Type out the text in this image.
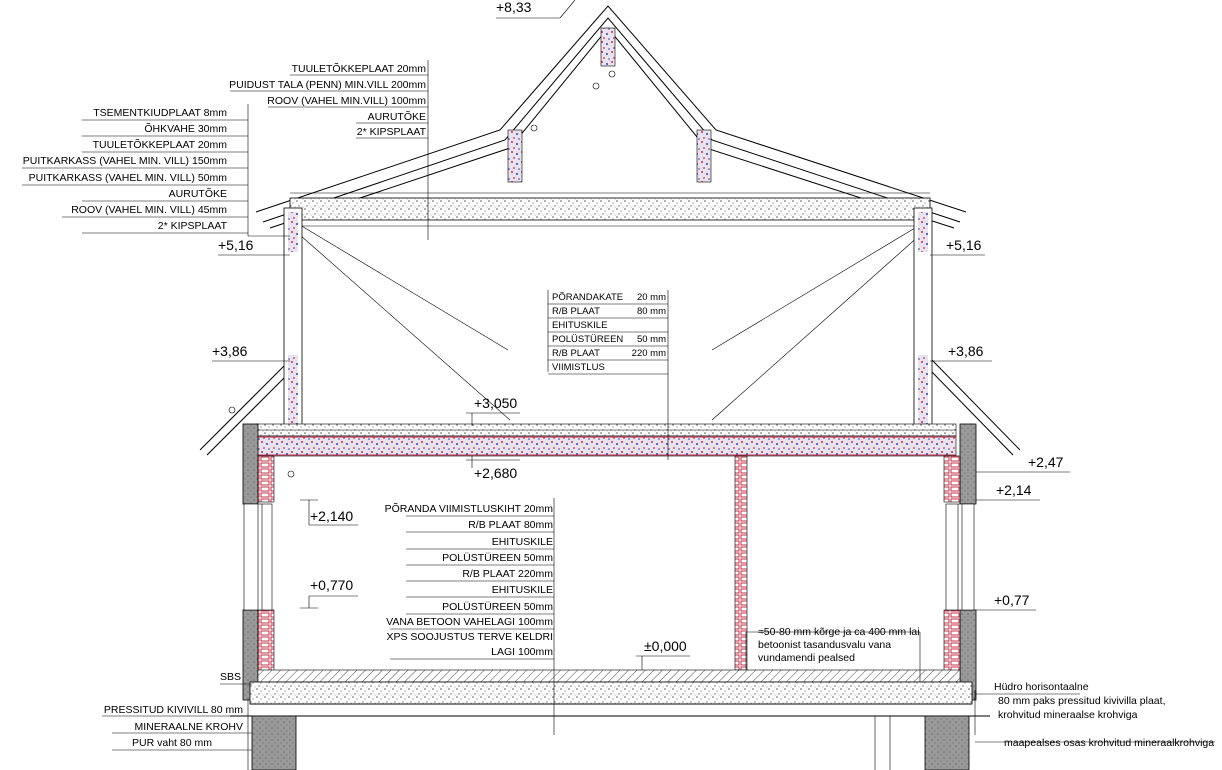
+8,33
+5,16	+5,16
+3,86	+3,86
+3,050
+2,680
+2,47
+2,14
+2,140
+0,770
+0,77
±0,000
TUULETÕKKEPLAAT 20mm
PUIDUST TALA (PENN) MIN.VILL 200mm
ROOV (VAHEL MIN.VILL) 100mm
AURUTÕKE
2* KIPSPLAAT
TSEMENTKIUDPLAAT 8mm
ÕHKVAHE 30mm
TUULETÕKKEPLAAT 20mm
PUITKARKASS (VAHEL MIN. VILL) 150mm
PUITKARKASS (VAHEL MIN. VILL) 50mm
AURUTÕKE
ROOV (VAHEL MIN. VILL) 45mm
2* KIPSPLAAT
PÕRANDAKATE 20 mm
R/B PLAAT	80 mm
EHITUSKILE
POLÜSTÜREEN 50 mm
R/B PLAAT	220 mm
VIIMISTLUS
PÕRANDA VIIMISTLUSKIHT 20mm
R/B PLAAT 80mm
EHITUSKILE
POLÜSTÜREEN 50mm
R/B PLAAT 220mm
EHITUSKILE
POLÜSTÜREEN 50mm
VANA BETOON VAHELAGI 100mm
XPS SOOJUSTUS TERVE KELDRI
LAGI 100mm
≈50-80 mm kõrge ja ca 400 mm lai
betoonist tasandusvalu vana
vundamendi pealsed
Hüdro horisontaalne
80 mm paks pressitud kivivilla plaat,
krohvitud mineraalse krohviga
maapealses osas krohvitud mineraalkrohviga
SBS
PRESSITUD KIVIVILL 80 mm
MINERAALNE KROHV
PUR vaht 80 mm
